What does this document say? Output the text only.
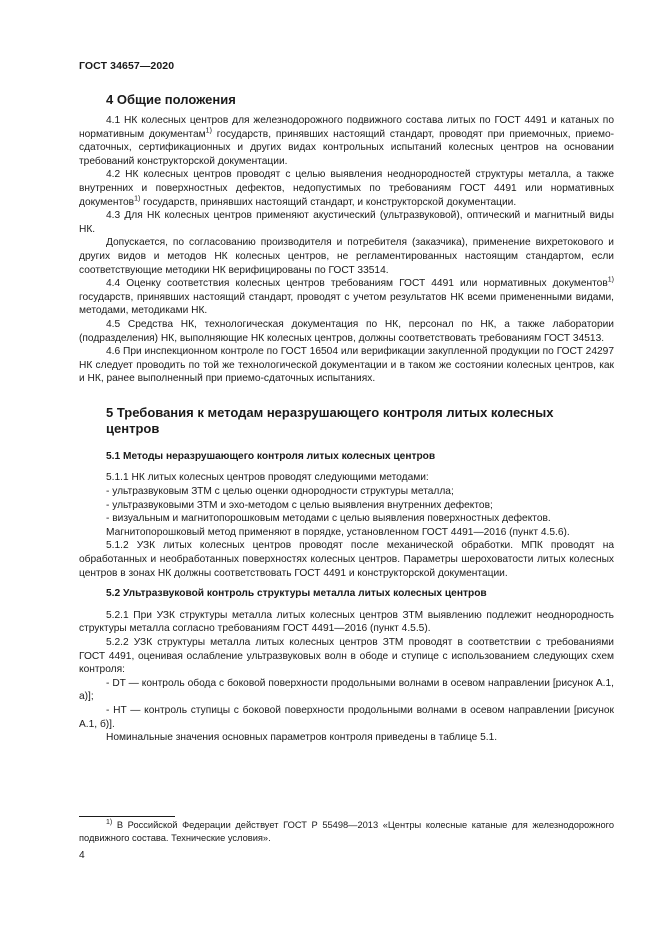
ГОСТ 34657—2020
4 Общие положения

4.1 НК колесных центров для железнодорожного подвижного состава литых по ГОСТ 4491 и катаных по нормативным документам$^{1)}$ государств, принявших настоящий стандарт, проводят при приемочных, приемо-сдаточных, сертификационных и других видах контрольных испытаний колесных центров на основании требований конструкторской документации.

4.2 НК колесных центров проводят с целью выявления неоднородностей структуры металла, а также внутренних и поверхностных дефектов, недопустимых по требованиям ГОСТ 4491 или нормативных документов$^{1)}$ государств, принявших настоящий стандарт, и конструкторской документации.

4.3 Для НК колесных центров применяют акустический (ультразвуковой), оптический и магнитный виды НК.

Допускается, по согласованию производителя и потребителя (заказчика), применение вихретокового и других видов и методов НК колесных центров, не регламентированных настоящим стандартом, если соответствующие методики НК верифицированы по ГОСТ 33514.

4.4 Оценку соответствия колесных центров требованиям ГОСТ 4491 или нормативных документов$^{1)}$ государств, принявших настоящий стандарт, проводят с учетом результатов НК всеми примененными видами, методами, методиками НК.

4.5 Средства НК, технологическая документация по НК, персонал по НК, а также лаборатории (подразделения) НК, выполняющие НК колесных центров, должны соответствовать требованиям ГОСТ 34513.

4.6 При инспекционном контроле по ГОСТ 16504 или верификации закупленной продукции по ГОСТ 24297 НК следует проводить по той же технологической документации и в таком же состоянии колесных центров, как и НК, ранее выполненный при приемо-сдаточных испытаниях.

5 Требования к методам неразрушающего контроля литых колесных
центров
5.1 Методы неразрушающего контроля литых колесных центров

5.1.1 НК литых колесных центров проводят следующими методами:

- ультразвуковым ЗТМ с целью оценки однородности структуры металла;

- ультразвуковыми ЗТМ и эхо-методом с целью выявления внутренних дефектов;

- визуальным и магнитопорошковым методами с целью выявления поверхностных дефектов.

Магнитопорошковый метод применяют в порядке, установленном ГОСТ 4491—2016 (пункт 4.5.6).

5.1.2 УЗК литых колесных центров проводят после механической обработки. МПК проводят на обработанных и необработанных поверхностях колесных центров. Параметры шероховатости литых колесных центров в зонах НК должны соответствовать ГОСТ 4491 и конструкторской документации.

5.2 Ультразвуковой контроль структуры металла литых колесных центров

5.2.1 При УЗК структуры металла литых колесных центров ЗТМ выявлению подлежит неоднородность структуры металла согласно требованиям ГОСТ 4491—2016 (пункт 4.5.5).

5.2.2 УЗК структуры металла литых колесных центров ЗТМ проводят в соответствии с требованиями ГОСТ 4491, оценивая ослабление ультразвуковых волн в ободе и ступице с использованием следующих схем контроля:

- DT — контроль обода с боковой поверхности продольными волнами в осевом направлении [рисунок А.1, а)];

- HT — контроль ступицы с боковой поверхности продольными волнами в осевом направлении [рисунок А.1, б)].

Номинальные значения основных параметров контроля приведены в таблице 5.1.

$^{1)}$ В Российской Федерации действует ГОСТ Р 55498—2013 «Центры колесные катаные для железнодорожного подвижного состава. Технические условия».
4
